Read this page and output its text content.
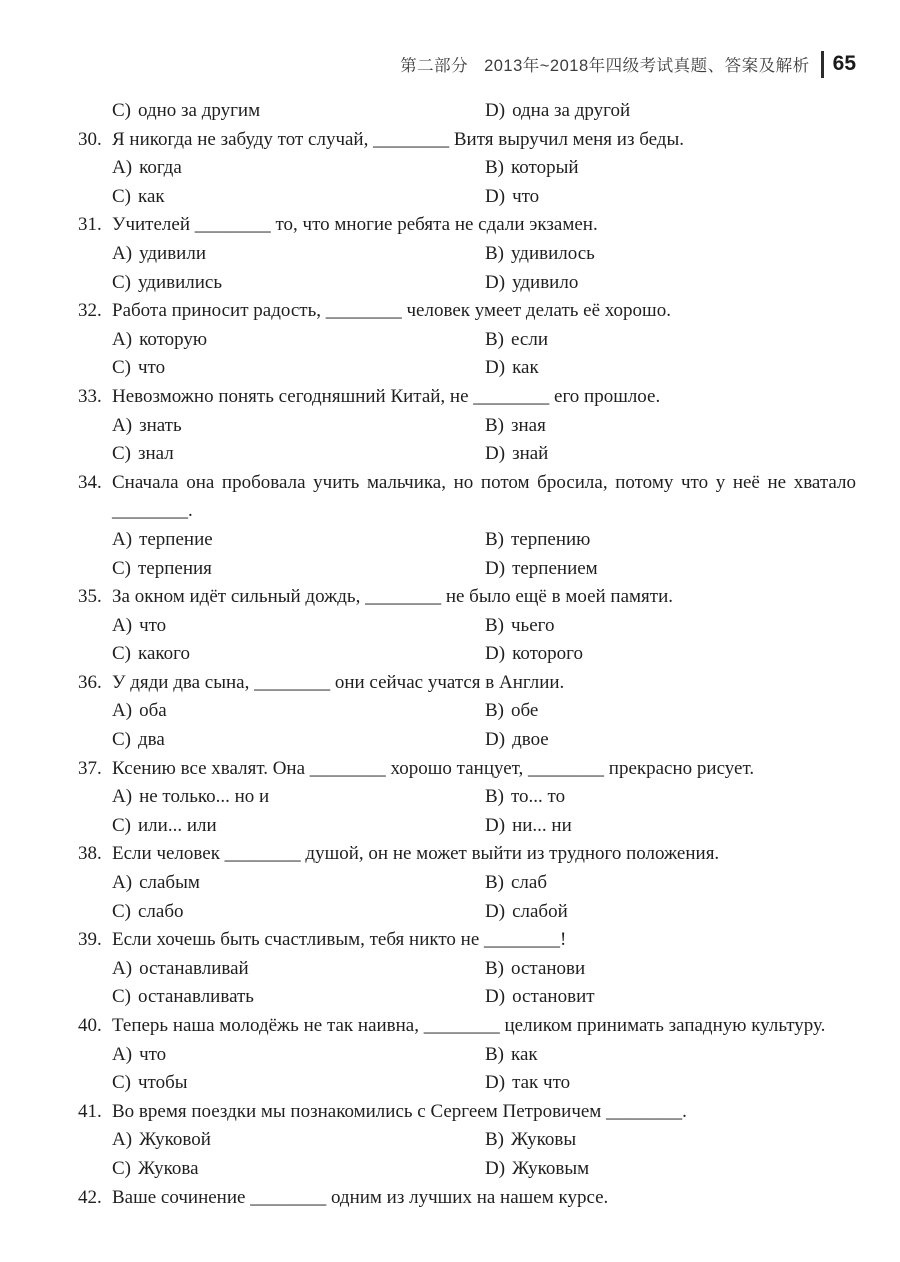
第二部分 2013年~2018年四级考试真题、答案及解析 65
C) одно за другим	D) одна за другой
30. Я никогда не забуду тот случай, ________ Витя выручил меня из беды.
A) когда	B) который
C) как	D) что
31. Учителей ________ то, что многие ребята не сдали экзамен.
A) удивили	B) удивилось
C) удивились	D) удивило
32. Работа приносит радость, ________ человек умеет делать её хорошо.
A) которую	B) если
C) что	D) как
33. Невозможно понять сегодняшний Китай, не ________ его прошлое.
A) знать	B) зная
C) знал	D) знай
34. Сначала она пробовала учить мальчика, но потом бросила, потому что у неё не хватало
________.
A) терпение	B) терпению
C) терпения	D) терпением
35. За окном идёт сильный дождь, ________ не было ещё в моей памяти.
A) что	B) чьего
C) какого	D) которого
36. У дяди два сына, ________ они сейчас учатся в Англии.
A) оба	B) обе
C) два	D) двое
37. Ксению все хвалят. Она ________ хорошо танцует, ________ прекрасно рисует.
A) не только... но и	B) то... то
C) или... или	D) ни... ни
38. Если человек ________ душой, он не может выйти из трудного положения.
A) слабым	B) слаб
C) слабо	D) слабой
39. Если хочешь быть счастливым, тебя никто не ________!
A) останавливай	B) останови
C) останавливать	D) остановит
40. Теперь наша молодёжь не так наивна, ________ целиком принимать западную культуру.
A) что	B) как
C) чтобы	D) так что
41. Во время поездки мы познакомились с Сергеем Петровичем ________.
A) Жуковой	B) Жуковы
C) Жукова	D) Жуковым
42. Ваше сочинение ________ одним из лучших на нашем курсе.
